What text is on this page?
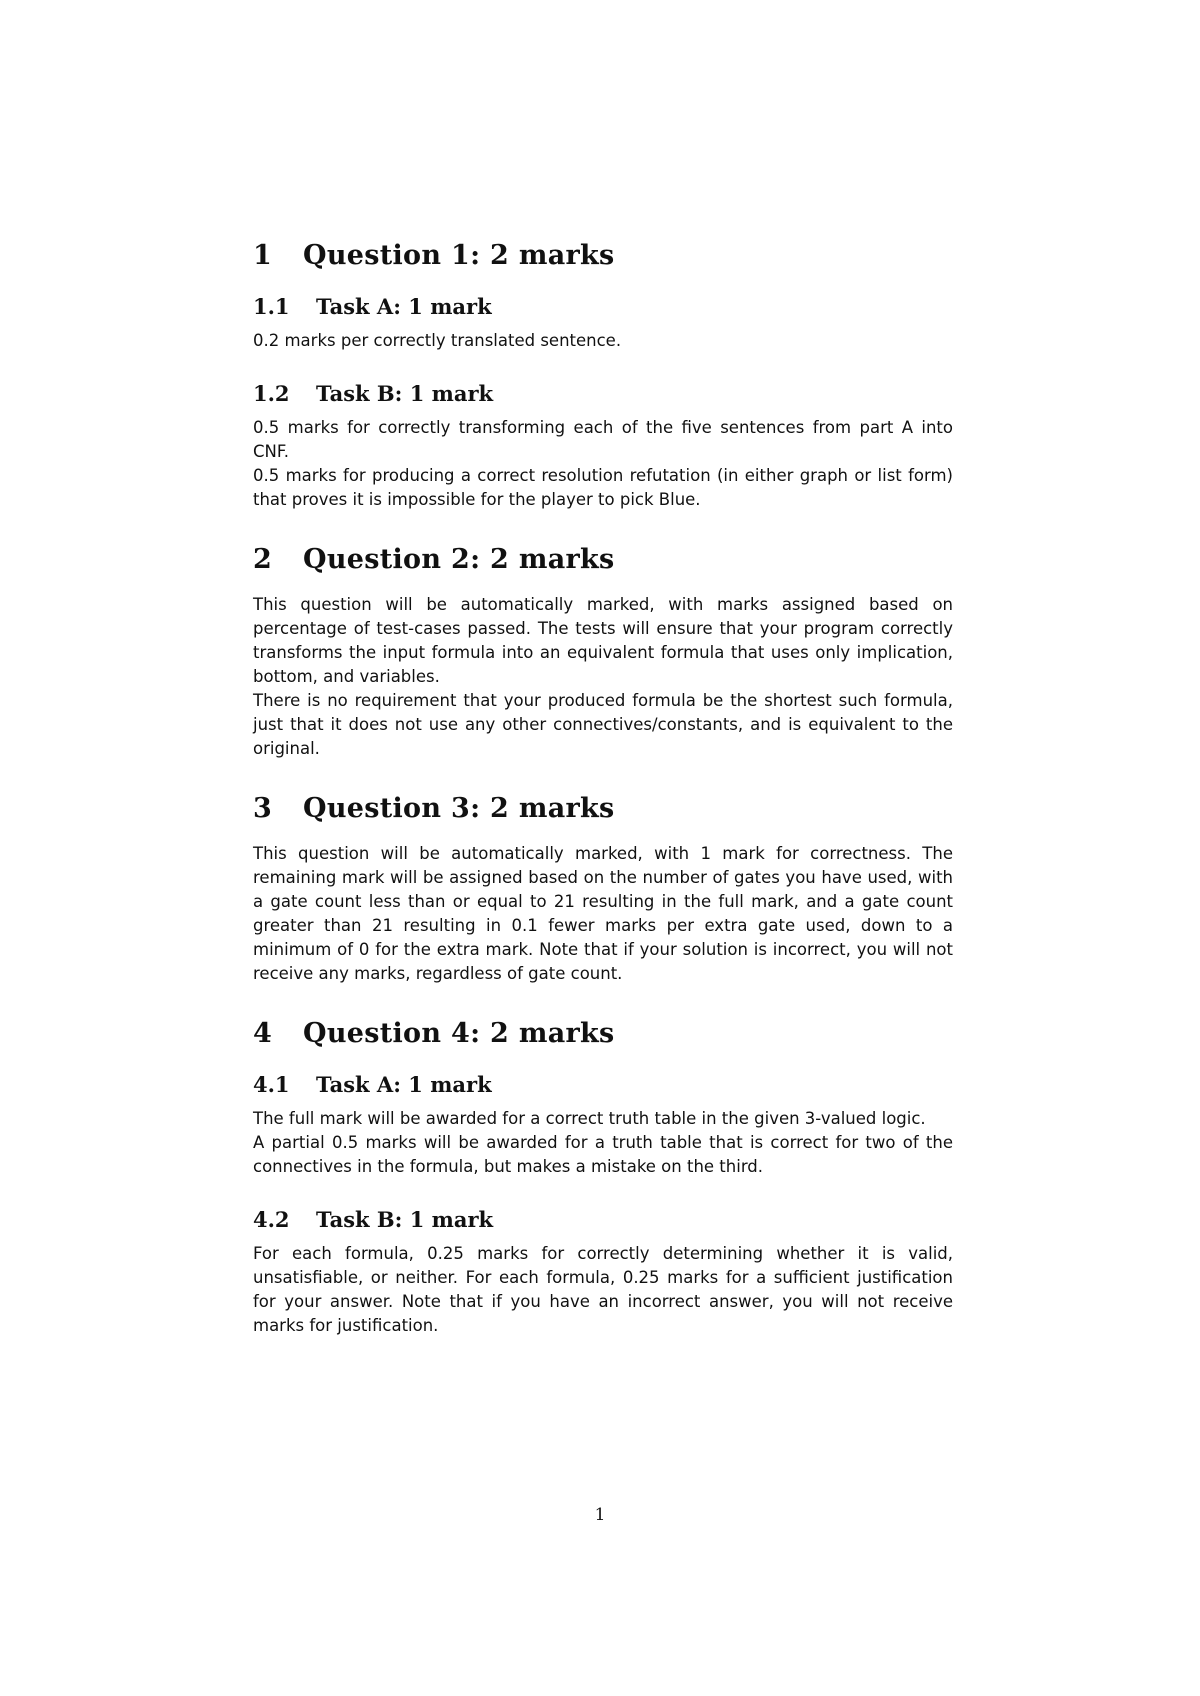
1	Question 1: 2 marks
1.1	Task A: 1 mark

0.2 marks per correctly translated sentence.

1.2	Task B: 1 mark

0.5 marks for correctly transforming each of the five sentences from part A into CNF.
0.5 marks for producing a correct resolution refutation (in either graph or list form) that proves it is impossible for the player to pick Blue.

2	Question 2: 2 marks

This question will be automatically marked, with marks assigned based on percentage of test-cases passed. The tests will ensure that your program correctly transforms the input formula into an equivalent formula that uses only implication, bottom, and variables.
There is no requirement that your produced formula be the shortest such formula, just that it does not use any other connectives/constants, and is equivalent to the original.

3	Question 3: 2 marks

This question will be automatically marked, with 1 mark for correctness. The remaining mark will be assigned based on the number of gates you have used, with a gate count less than or equal to 21 resulting in the full mark, and a gate count greater than 21 resulting in 0.1 fewer marks per extra gate used, down to a minimum of 0 for the extra mark. Note that if your solution is incorrect, you will not receive any marks, regardless of gate count.

4	Question 4: 2 marks
4.1	Task A: 1 mark

The full mark will be awarded for a correct truth table in the given 3-valued logic.
A partial 0.5 marks will be awarded for a truth table that is correct for two of the connectives in the formula, but makes a mistake on the third.

4.2	Task B: 1 mark

For each formula, 0.25 marks for correctly determining whether it is valid, unsatisfiable, or neither. For each formula, 0.25 marks for a sufficient justification for your answer. Note that if you have an incorrect answer, you will not receive marks for justification.

1
